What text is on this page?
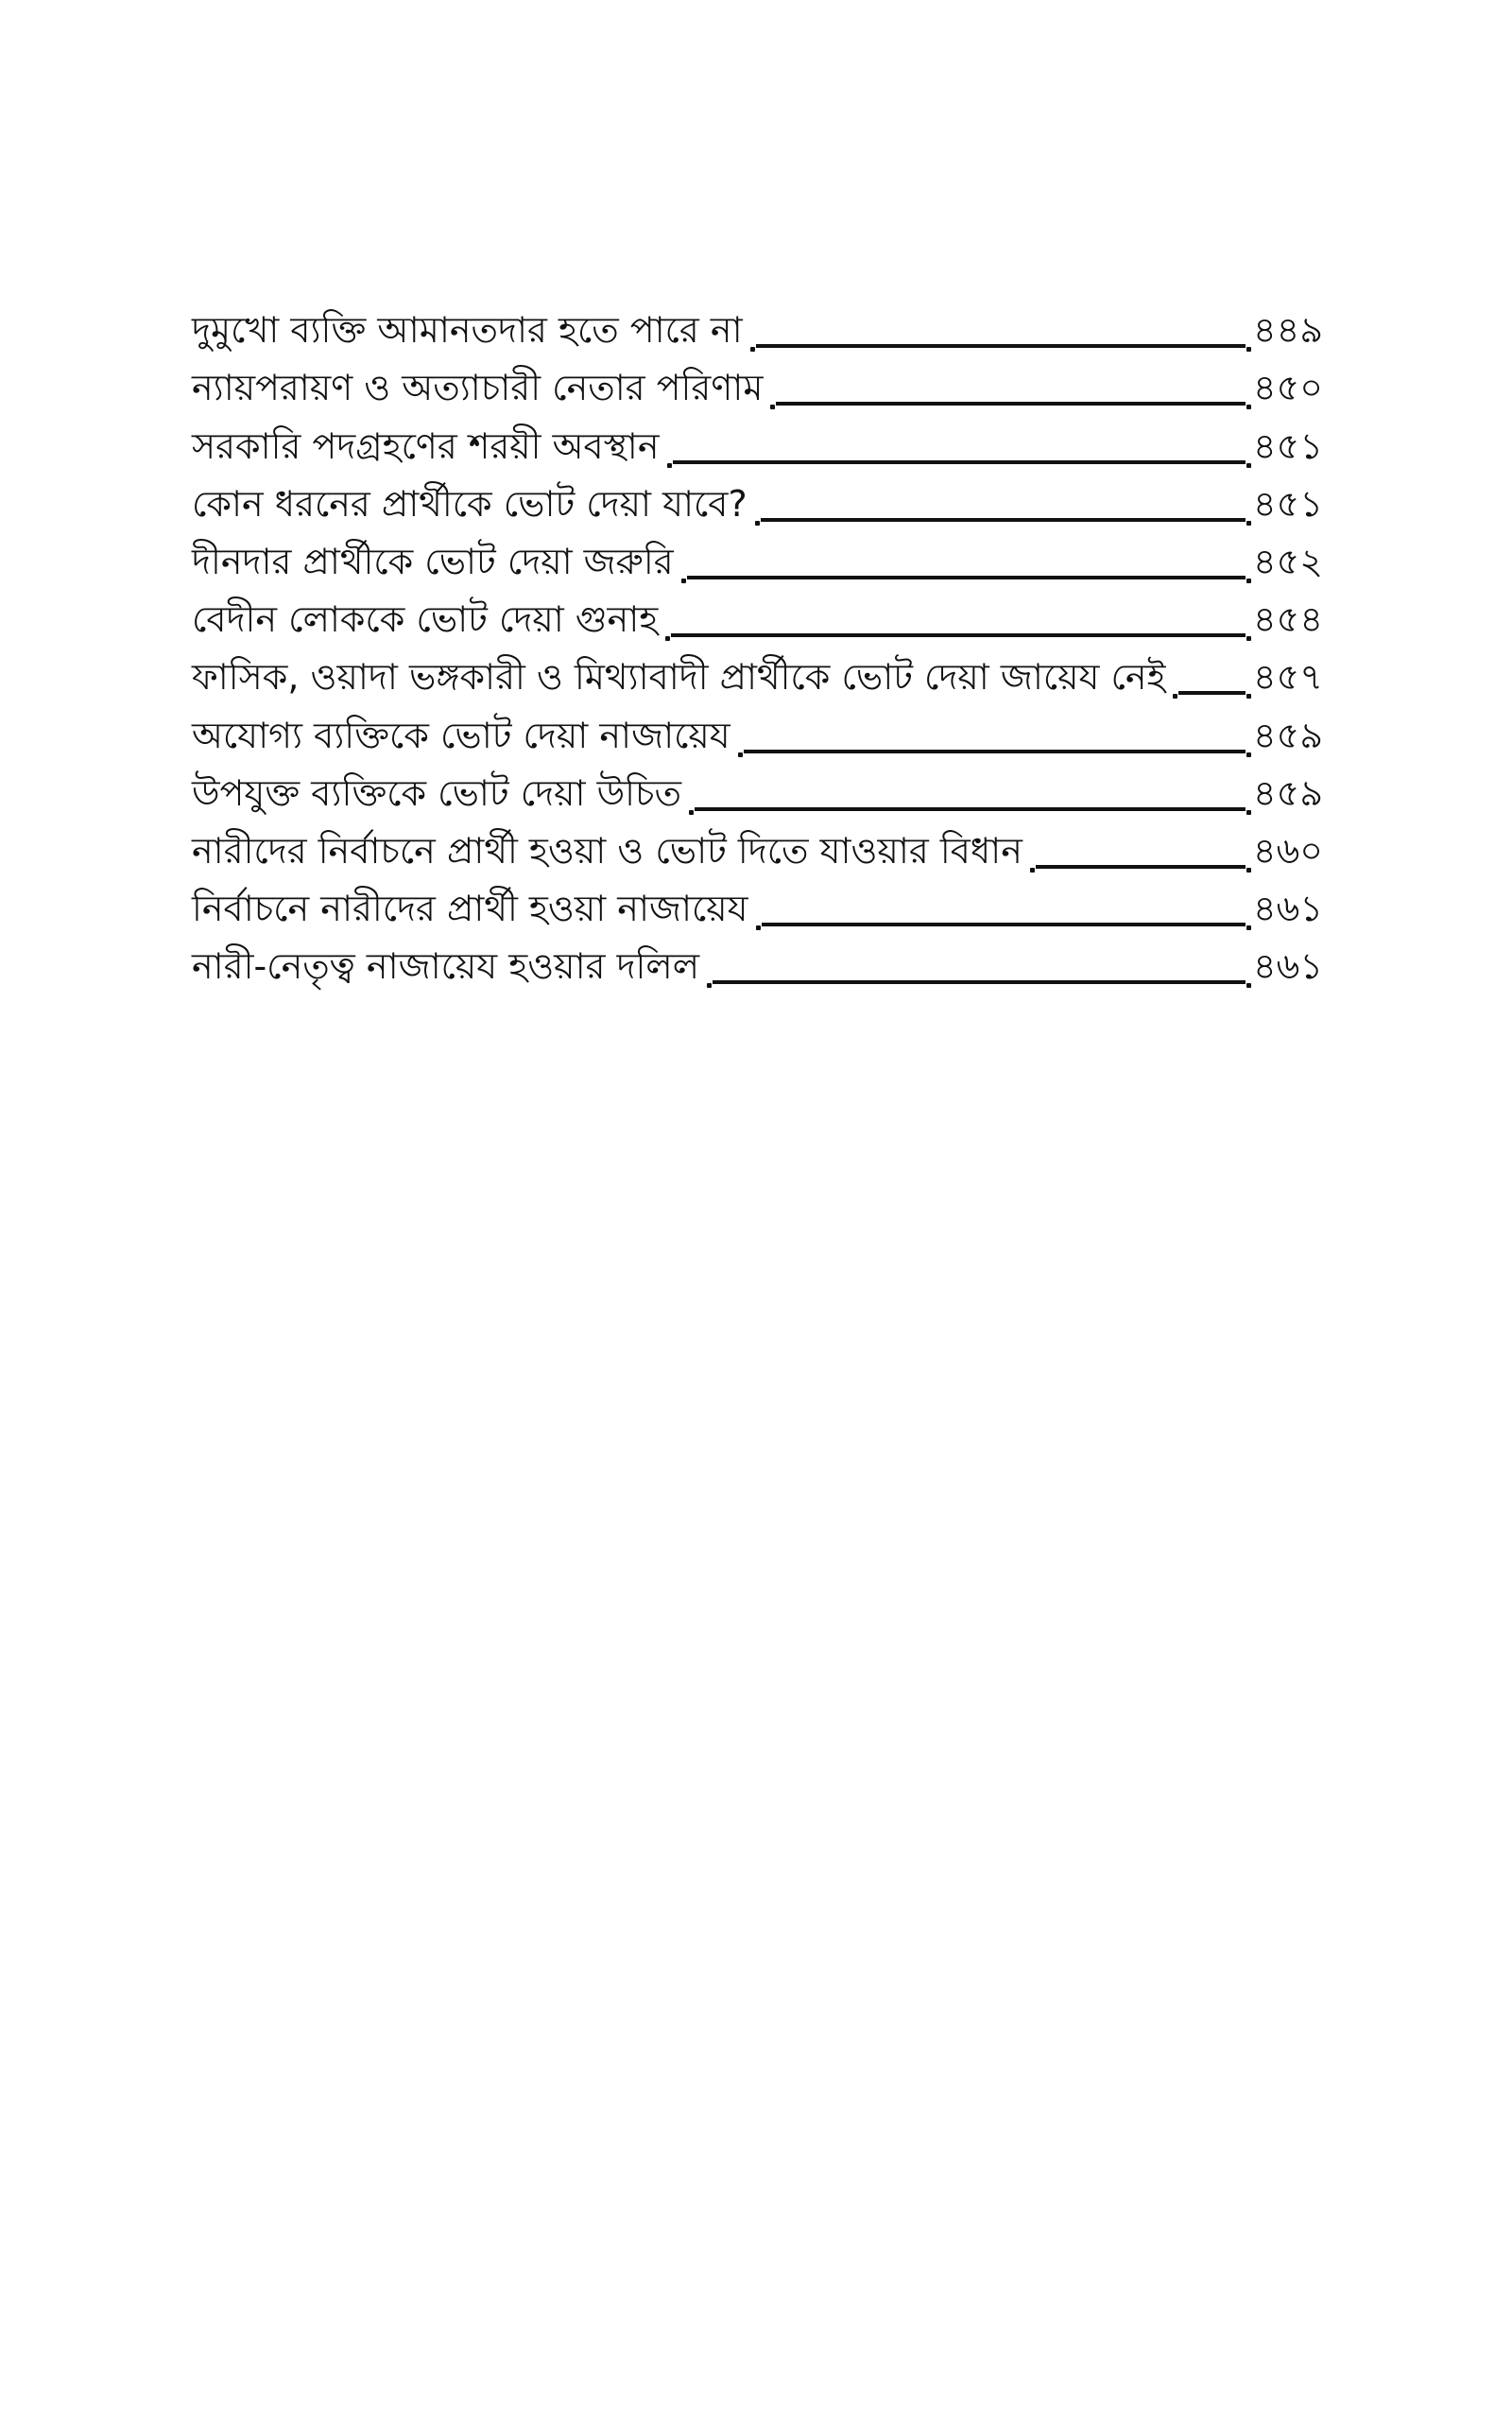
দুমুখো ব্যক্তি আমানতদার হতে পারে না	৪৪৯
ন্যায়পরায়ণ ও অত্যাচারী নেতার পরিণাম	৪৫০
সরকারি পদগ্রহণের শরয়ী অবস্থান	৪৫১
কোন ধরনের প্রার্থীকে ভোট দেয়া যাবে?	৪৫১
দীনদার প্রার্থীকে ভোট দেয়া জরুরি	৪৫২
বেদীন লোককে ভোট দেয়া গুনাহ	৪৫৪
ফাসিক, ওয়াদা ভঙ্গকারী ও মিথ্যাবাদী প্রার্থীকে ভোট দেয়া জায়েয নেই ৪৫৭
অযোগ্য ব্যক্তিকে ভোট দেয়া নাজায়েয	৪৫৯
উপযুক্ত ব্যক্তিকে ভোট দেয়া উচিত	৪৫৯
নারীদের নির্বাচনে প্রার্থী হওয়া ও ভোট দিতে যাওয়ার বিধান	৪৬০
নির্বাচনে নারীদের প্রার্থী হওয়া নাজায়েয	৪৬১
নারী-নেতৃত্ব নাজায়েয হওয়ার দলিল	৪৬১
